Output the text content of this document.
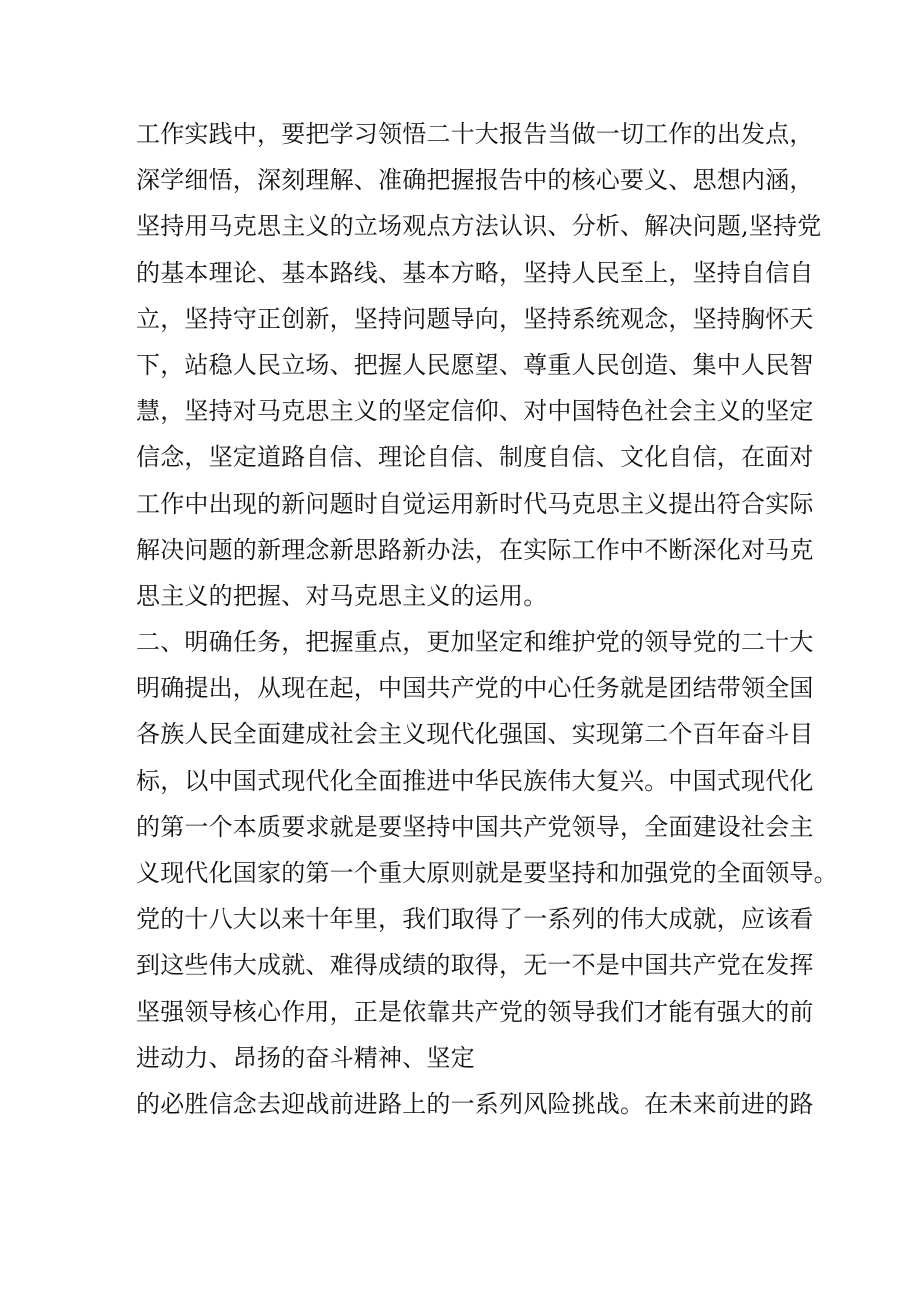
工作实践中，要把学习领悟二十大报告当做一切工作的出发点，
深学细悟，深刻理解、准确把握报告中的核心要义、思想内涵，
坚持用马克思主义的立场观点方法认识、分析、解决问题,坚持党
的基本理论、基本路线、基本方略，坚持人民至上，坚持自信自
立，坚持守正创新，坚持问题导向，坚持系统观念，坚持胸怀天
下，站稳人民立场、把握人民愿望、尊重人民创造、集中人民智
慧，坚持对马克思主义的坚定信仰、对中国特色社会主义的坚定
信念，坚定道路自信、理论自信、制度自信、文化自信，在面对
工作中出现的新问题时自觉运用新时代马克思主义提出符合实际
解决问题的新理念新思路新办法，在实际工作中不断深化对马克
思主义的把握、对马克思主义的运用。
二、明确任务，把握重点，更加坚定和维护党的领导党的二十大
明确提出，从现在起，中国共产党的中心任务就是团结带领全国
各族人民全面建成社会主义现代化强国、实现第二个百年奋斗目
标，以中国式现代化全面推进中华民族伟大复兴。中国式现代化
的第一个本质要求就是要坚持中国共产党领导，全面建设社会主
义现代化国家的第一个重大原则就是要坚持和加强党的全面领导。
党的十八大以来十年里，我们取得了一系列的伟大成就，应该看
到这些伟大成就、难得成绩的取得，无一不是中国共产党在发挥
坚强领导核心作用，正是依靠共产党的领导我们才能有强大的前
进动力、昂扬的奋斗精神、坚定
的必胜信念去迎战前进路上的一系列风险挑战。在未来前进的路
